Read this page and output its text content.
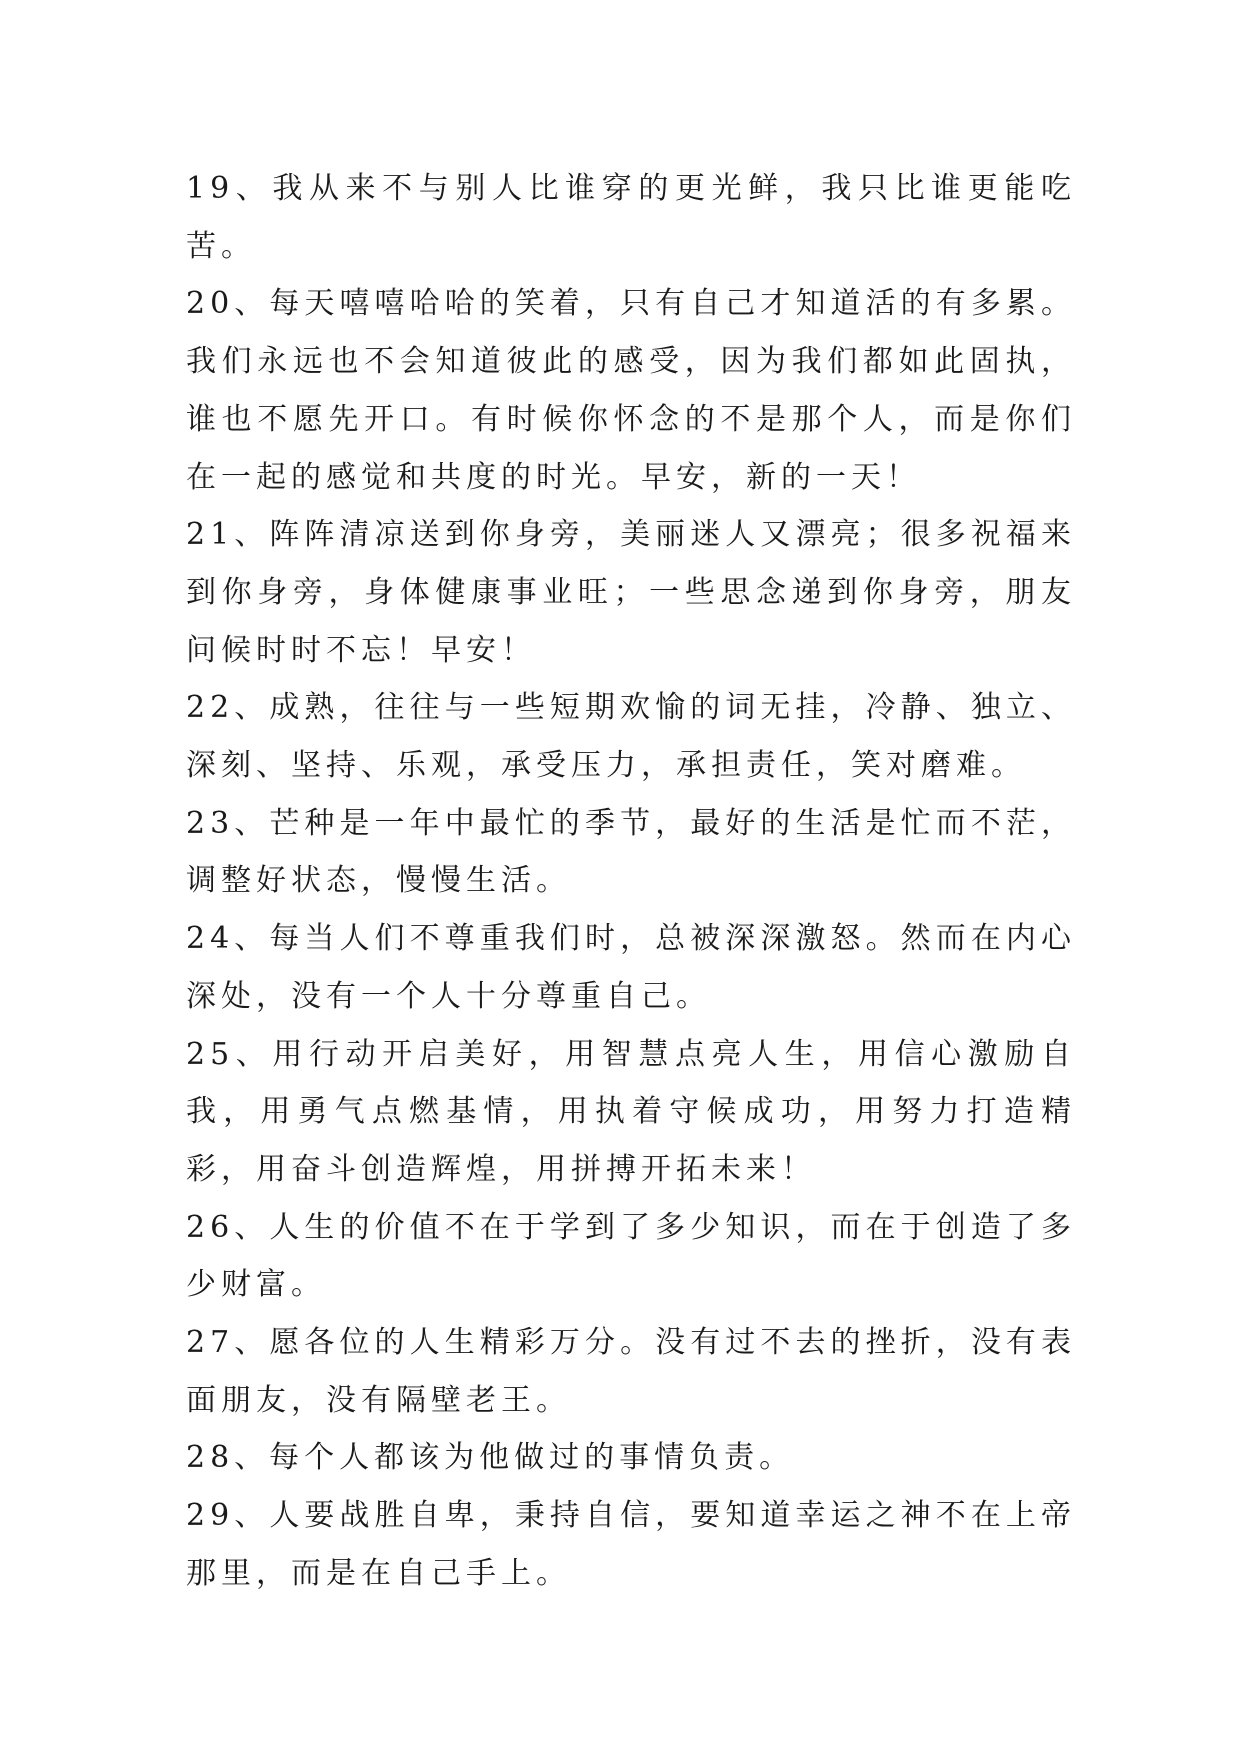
19、我从来不与别人比谁穿的更光鲜，我只比谁更能吃苦。

20、每天嘻嘻哈哈的笑着，只有自己才知道活的有多累。我们永远也不会知道彼此的感受，因为我们都如此固执，谁也不愿先开口。有时候你怀念的不是那个人，而是你们在一起的感觉和共度的时光。早安，新的一天！

21、阵阵清凉送到你身旁，美丽迷人又漂亮；很多祝福来到你身旁，身体健康事业旺；一些思念递到你身旁，朋友问候时时不忘！早安！

22、成熟，往往与一些短期欢愉的词无挂，冷静、独立、深刻、坚持、乐观，承受压力，承担责任，笑对磨难。

23、芒种是一年中最忙的季节，最好的生活是忙而不茫，调整好状态，慢慢生活。

24、每当人们不尊重我们时，总被深深激怒。然而在内心深处，没有一个人十分尊重自己。

25、用行动开启美好，用智慧点亮人生，用信心激励自我，用勇气点燃基情，用执着守候成功，用努力打造精彩，用奋斗创造辉煌，用拼搏开拓未来！

26、人生的价值不在于学到了多少知识，而在于创造了多少财富。

27、愿各位的人生精彩万分。没有过不去的挫折，没有表面朋友，没有隔壁老王。

28、每个人都该为他做过的事情负责。

29、人要战胜自卑，秉持自信，要知道幸运之神不在上帝那里，而是在自己手上。
